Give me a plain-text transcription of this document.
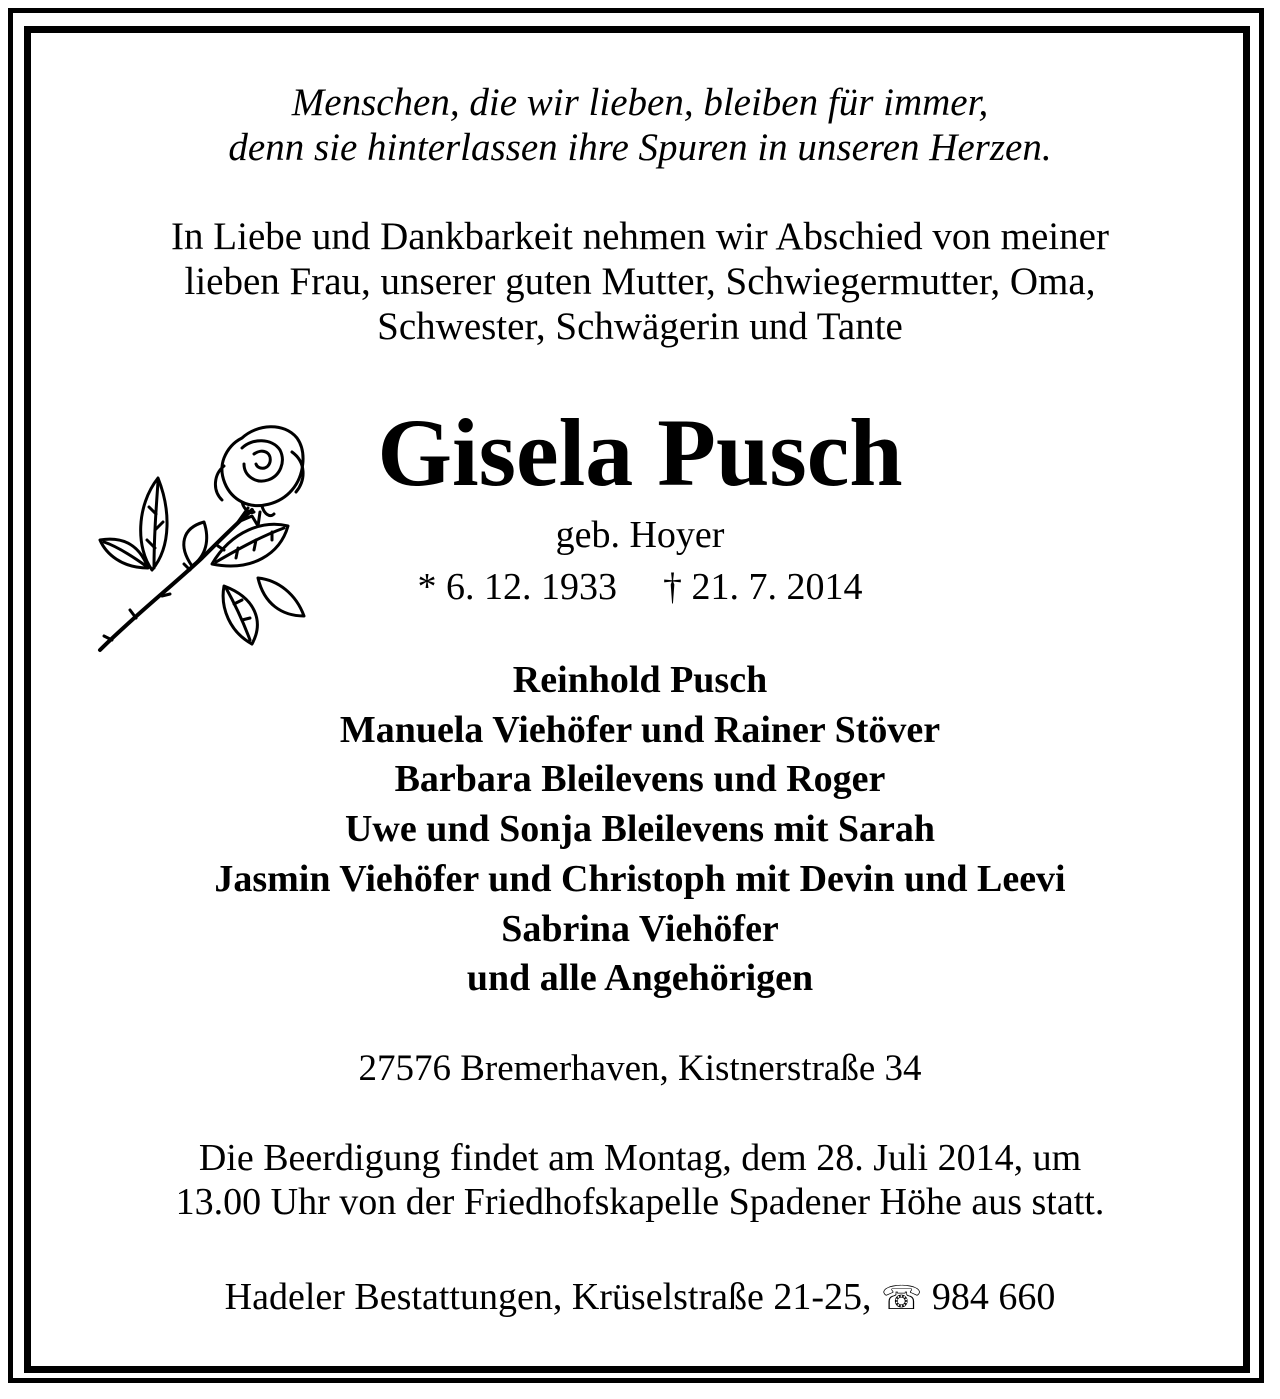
Menschen, die wir lieben, bleiben für immer,
denn sie hinterlassen ihre Spuren in unseren Herzen.
In Liebe und Dankbarkeit nehmen wir Abschied von meiner
lieben Frau, unserer guten Mutter, Schwiegermutter, Oma,
Schwester, Schwägerin und Tante
Gisela Pusch
geb. Hoyer
* 6. 12. 1933 † 21. 7. 2014
Reinhold Pusch
Manuela Viehöfer und Rainer Stöver
Barbara Bleilevens und Roger
Uwe und Sonja Bleilevens mit Sarah
Jasmin Viehöfer und Christoph mit Devin und Leevi
Sabrina Viehöfer
und alle Angehörigen
27576 Bremerhaven, Kistnerstraße 34
Die Beerdigung findet am Montag, dem 28. Juli 2014, um
13.00 Uhr von der Friedhofskapelle Spadener Höhe aus statt.
Hadeler Bestattungen, Krüselstraße 21-25, ☏ 984 660
